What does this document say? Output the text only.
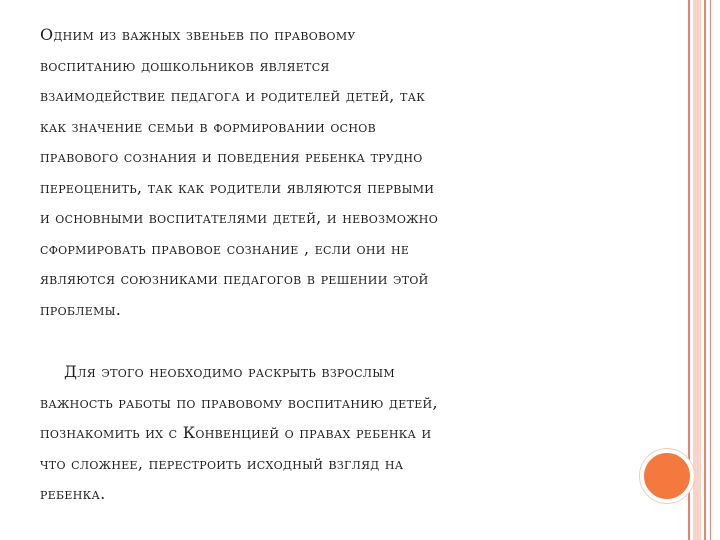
Одним из важных звеньев по правовому
воспитанию дошкольников является
взаимодействие педагога и родителей детей, так
как значение семьи в формировании основ
правового сознания и поведения ребенка трудно
переоценить, так как родители являются первыми
и основными воспитателями детей, и невозможно
сформировать правовое сознание , если они не
являются союзниками педагогов в решении этой
проблемы.

Для этого необходимо раскрыть взрослым
важность работы по правовому воспитанию детей,
познакомить их с Конвенцией о правах ребенка и
что сложнее, перестроить исходный взгляд на
ребенка.
